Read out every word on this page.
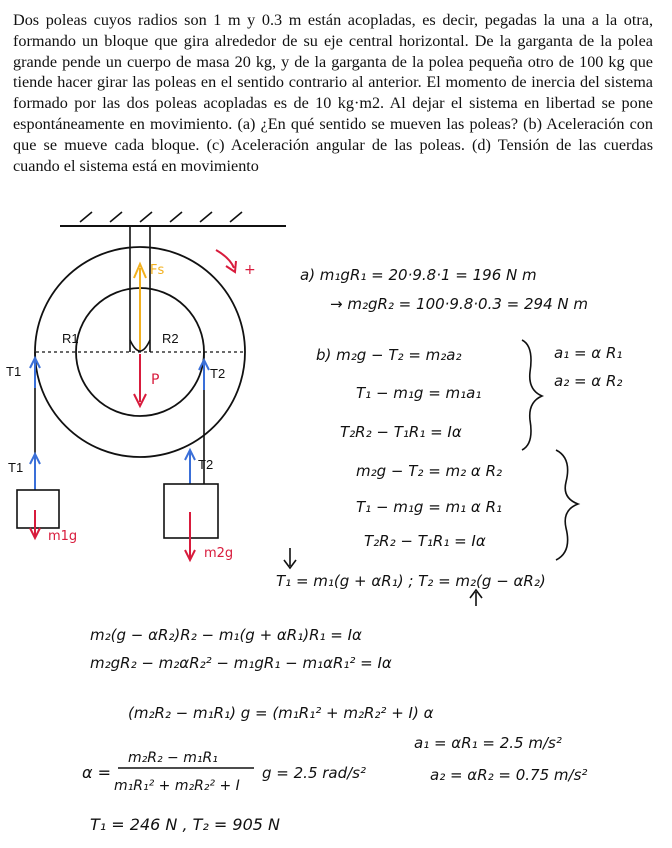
Dos poleas cuyos radios son 1 m y 0.3 m están acopladas, es decir, pegadas la una a la otra, formando un bloque que gira alrededor de su eje central horizontal. De la garganta de la polea grande pende un cuerpo de masa 20 kg, y de la garganta de la polea pequeña otro de 100 kg que tiende hacer girar las poleas en el sentido contrario al anterior. El momento de inercia del sistema formado por las dos poleas acopladas es de 10 kg·m2. Al dejar el sistema en libertad se pone espontáneamente en movimiento. (a) ¿En qué sentido se mueven las poleas? (b) Aceleración con que se mueve cada bloque. (c) Aceleración angular de las poleas. (d) Tensión de las cuerdas cuando el sistema está en movimiento
R1	R2
Fs
P
+
T1
T1
m1g
T2
T2
m2g
a) m₁gR₁ = 20·9.8·1 = 196 N m
→ m₂gR₂ = 100·9.8·0.3 = 294 N m
b) m₂g − T₂ = m₂a₂
T₁ − m₁g = m₁a₁
T₂R₂ − T₁R₁ = Iα
a₁ = α R₁
a₂ = α R₂
m₂g − T₂ = m₂ α R₂
T₁ − m₁g = m₁ α R₁
T₂R₂ − T₁R₁ = Iα
T₁ = m₁(g + αR₁) ; T₂ = m₂(g − αR₂)
m₂(g − αR₂)R₂ − m₁(g + αR₁)R₁ = Iα
m₂gR₂ − m₂αR₂² − m₁gR₁ − m₁αR₁² = Iα
(m₂R₂ − m₁R₁) g = (m₁R₁² + m₂R₂² + I) α
α =
m₂R₂ − m₁R₁
m₁R₁² + m₂R₂² + I
g = 2.5 rad/s²
a₁ = αR₁ = 2.5 m/s²
a₂ = αR₂ = 0.75 m/s²
T₁ = 246 N , T₂ = 905 N
